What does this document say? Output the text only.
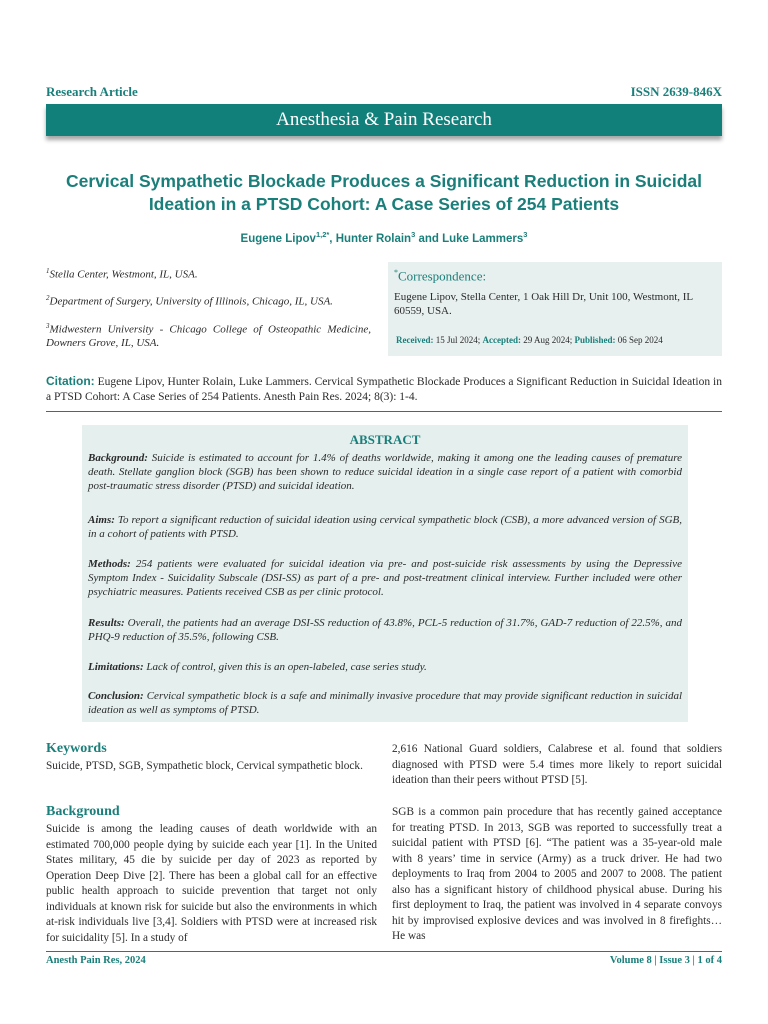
Research Article	ISSN 2639-846X
Anesthesia & Pain Research
Cervical Sympathetic Blockade Produces a Significant Reduction in Suicidal Ideation in a PTSD Cohort: A Case Series of 254 Patients
Eugene Lipov$^{1,2*}$, Hunter Rolain$^3$ and Luke Lammers$^3$
$^1$Stella Center, Westmont, IL, USA.
$^2$Department of Surgery, University of Illinois, Chicago, IL, USA.
$^3$Midwestern University - Chicago College of Osteopathic Medicine, Downers Grove, IL, USA.
*Correspondence:
Eugene Lipov, Stella Center, 1 Oak Hill Dr, Unit 100, Westmont, IL 60559, USA.
Received: 15 Jul 2024; Accepted: 29 Aug 2024; Published: 06 Sep 2024
Citation: Eugene Lipov, Hunter Rolain, Luke Lammers. Cervical Sympathetic Blockade Produces a Significant Reduction in Suicidal Ideation in a PTSD Cohort: A Case Series of 254 Patients. Anesth Pain Res. 2024; 8(3): 1-4.
ABSTRACT
Background: Suicide is estimated to account for 1.4% of deaths worldwide, making it among one the leading causes of premature death. Stellate ganglion block (SGB) has been shown to reduce suicidal ideation in a single case report of a patient with comorbid post-traumatic stress disorder (PTSD) and suicidal ideation.
Aims: To report a significant reduction of suicidal ideation using cervical sympathetic block (CSB), a more advanced version of SGB, in a cohort of patients with PTSD.
Methods: 254 patients were evaluated for suicidal ideation via pre- and post-suicide risk assessments by using the Depressive Symptom Index - Suicidality Subscale (DSI-SS) as part of a pre- and post-treatment clinical interview. Further included were other psychiatric measures. Patients received CSB as per clinic protocol.
Results: Overall, the patients had an average DSI-SS reduction of 43.8%, PCL-5 reduction of 31.7%, GAD-7 reduction of 22.5%, and PHQ-9 reduction of 35.5%, following CSB.
Limitations: Lack of control, given this is an open-labeled, case series study.
Conclusion: Cervical sympathetic block is a safe and minimally invasive procedure that may provide significant reduction in suicidal ideation as well as symptoms of PTSD.
Keywords
Suicide, PTSD, SGB, Sympathetic block, Cervical sympathetic block.
Background
Suicide is among the leading causes of death worldwide with an estimated 700,000 people dying by suicide each year [1]. In the United States military, 45 die by suicide per day of 2023 as reported by Operation Deep Dive [2]. There has been a global call for an effective public health approach to suicide prevention that target not only individuals at known risk for suicide but also the environments in which at-risk individuals live [3,4]. Soldiers with PTSD were at increased risk for suicidality [5]. In a study of
2,616 National Guard soldiers, Calabrese et al. found that soldiers diagnosed with PTSD were 5.4 times more likely to report suicidal ideation than their peers without PTSD [5].
SGB is a common pain procedure that has recently gained acceptance for treating PTSD. In 2013, SGB was reported to successfully treat a suicidal patient with PTSD [6]. “The patient was a 35-year-old male with 8 years’ time in service (Army) as a truck driver. He had two deployments to Iraq from 2004 to 2005 and 2007 to 2008. The patient also has a significant history of childhood physical abuse. During his first deployment to Iraq, the patient was involved in 4 separate convoys hit by improvised explosive devices and was involved in 8 firefights… He was
Anesth Pain Res, 2024	Volume 8 | Issue 3 | 1 of 4
